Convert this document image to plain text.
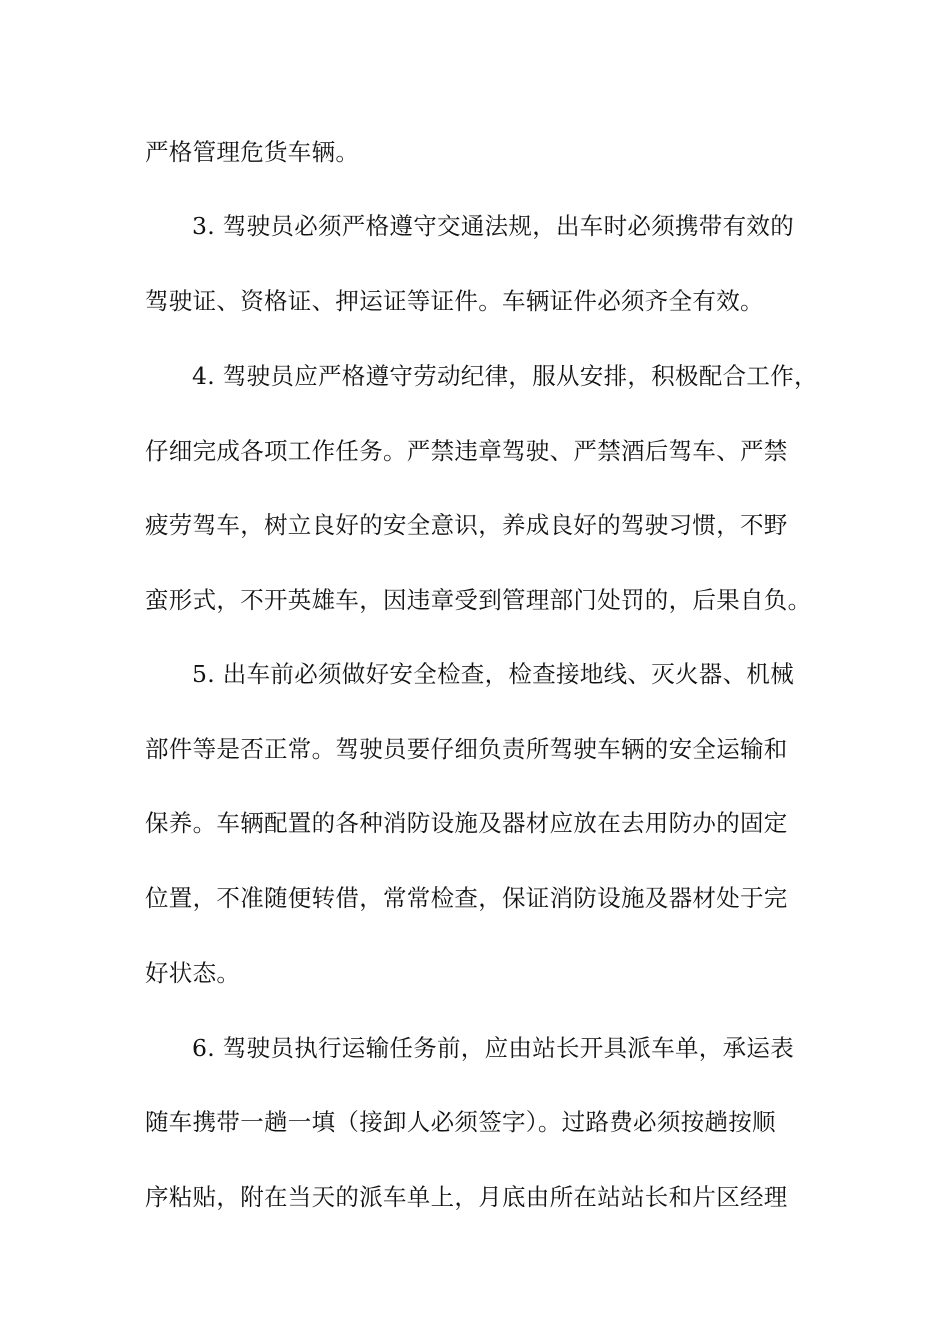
严格管理危货车辆。
3. 驾驶员必须严格遵守交通法规，出车时必须携带有效的
驾驶证、资格证、押运证等证件。车辆证件必须齐全有效。
4. 驾驶员应严格遵守劳动纪律，服从安排，积极配合工作，
仔细完成各项工作任务。严禁违章驾驶、严禁酒后驾车、严禁
疲劳驾车，树立良好的安全意识，养成良好的驾驶习惯，不野
蛮形式，不开英雄车，因违章受到管理部门处罚的，后果自负。
5. 出车前必须做好安全检查，检查接地线、灭火器、机械
部件等是否正常。驾驶员要仔细负责所驾驶车辆的安全运输和
保养。车辆配置的各种消防设施及器材应放在去用防办的固定
位置，不准随便转借，常常检查，保证消防设施及器材处于完
好状态。
6. 驾驶员执行运输任务前，应由站长开具派车单，承运表
随车携带一趟一填（接卸人必须签字）。过路费必须按趟按顺
序粘贴，附在当天的派车单上，月底由所在站站长和片区经理
